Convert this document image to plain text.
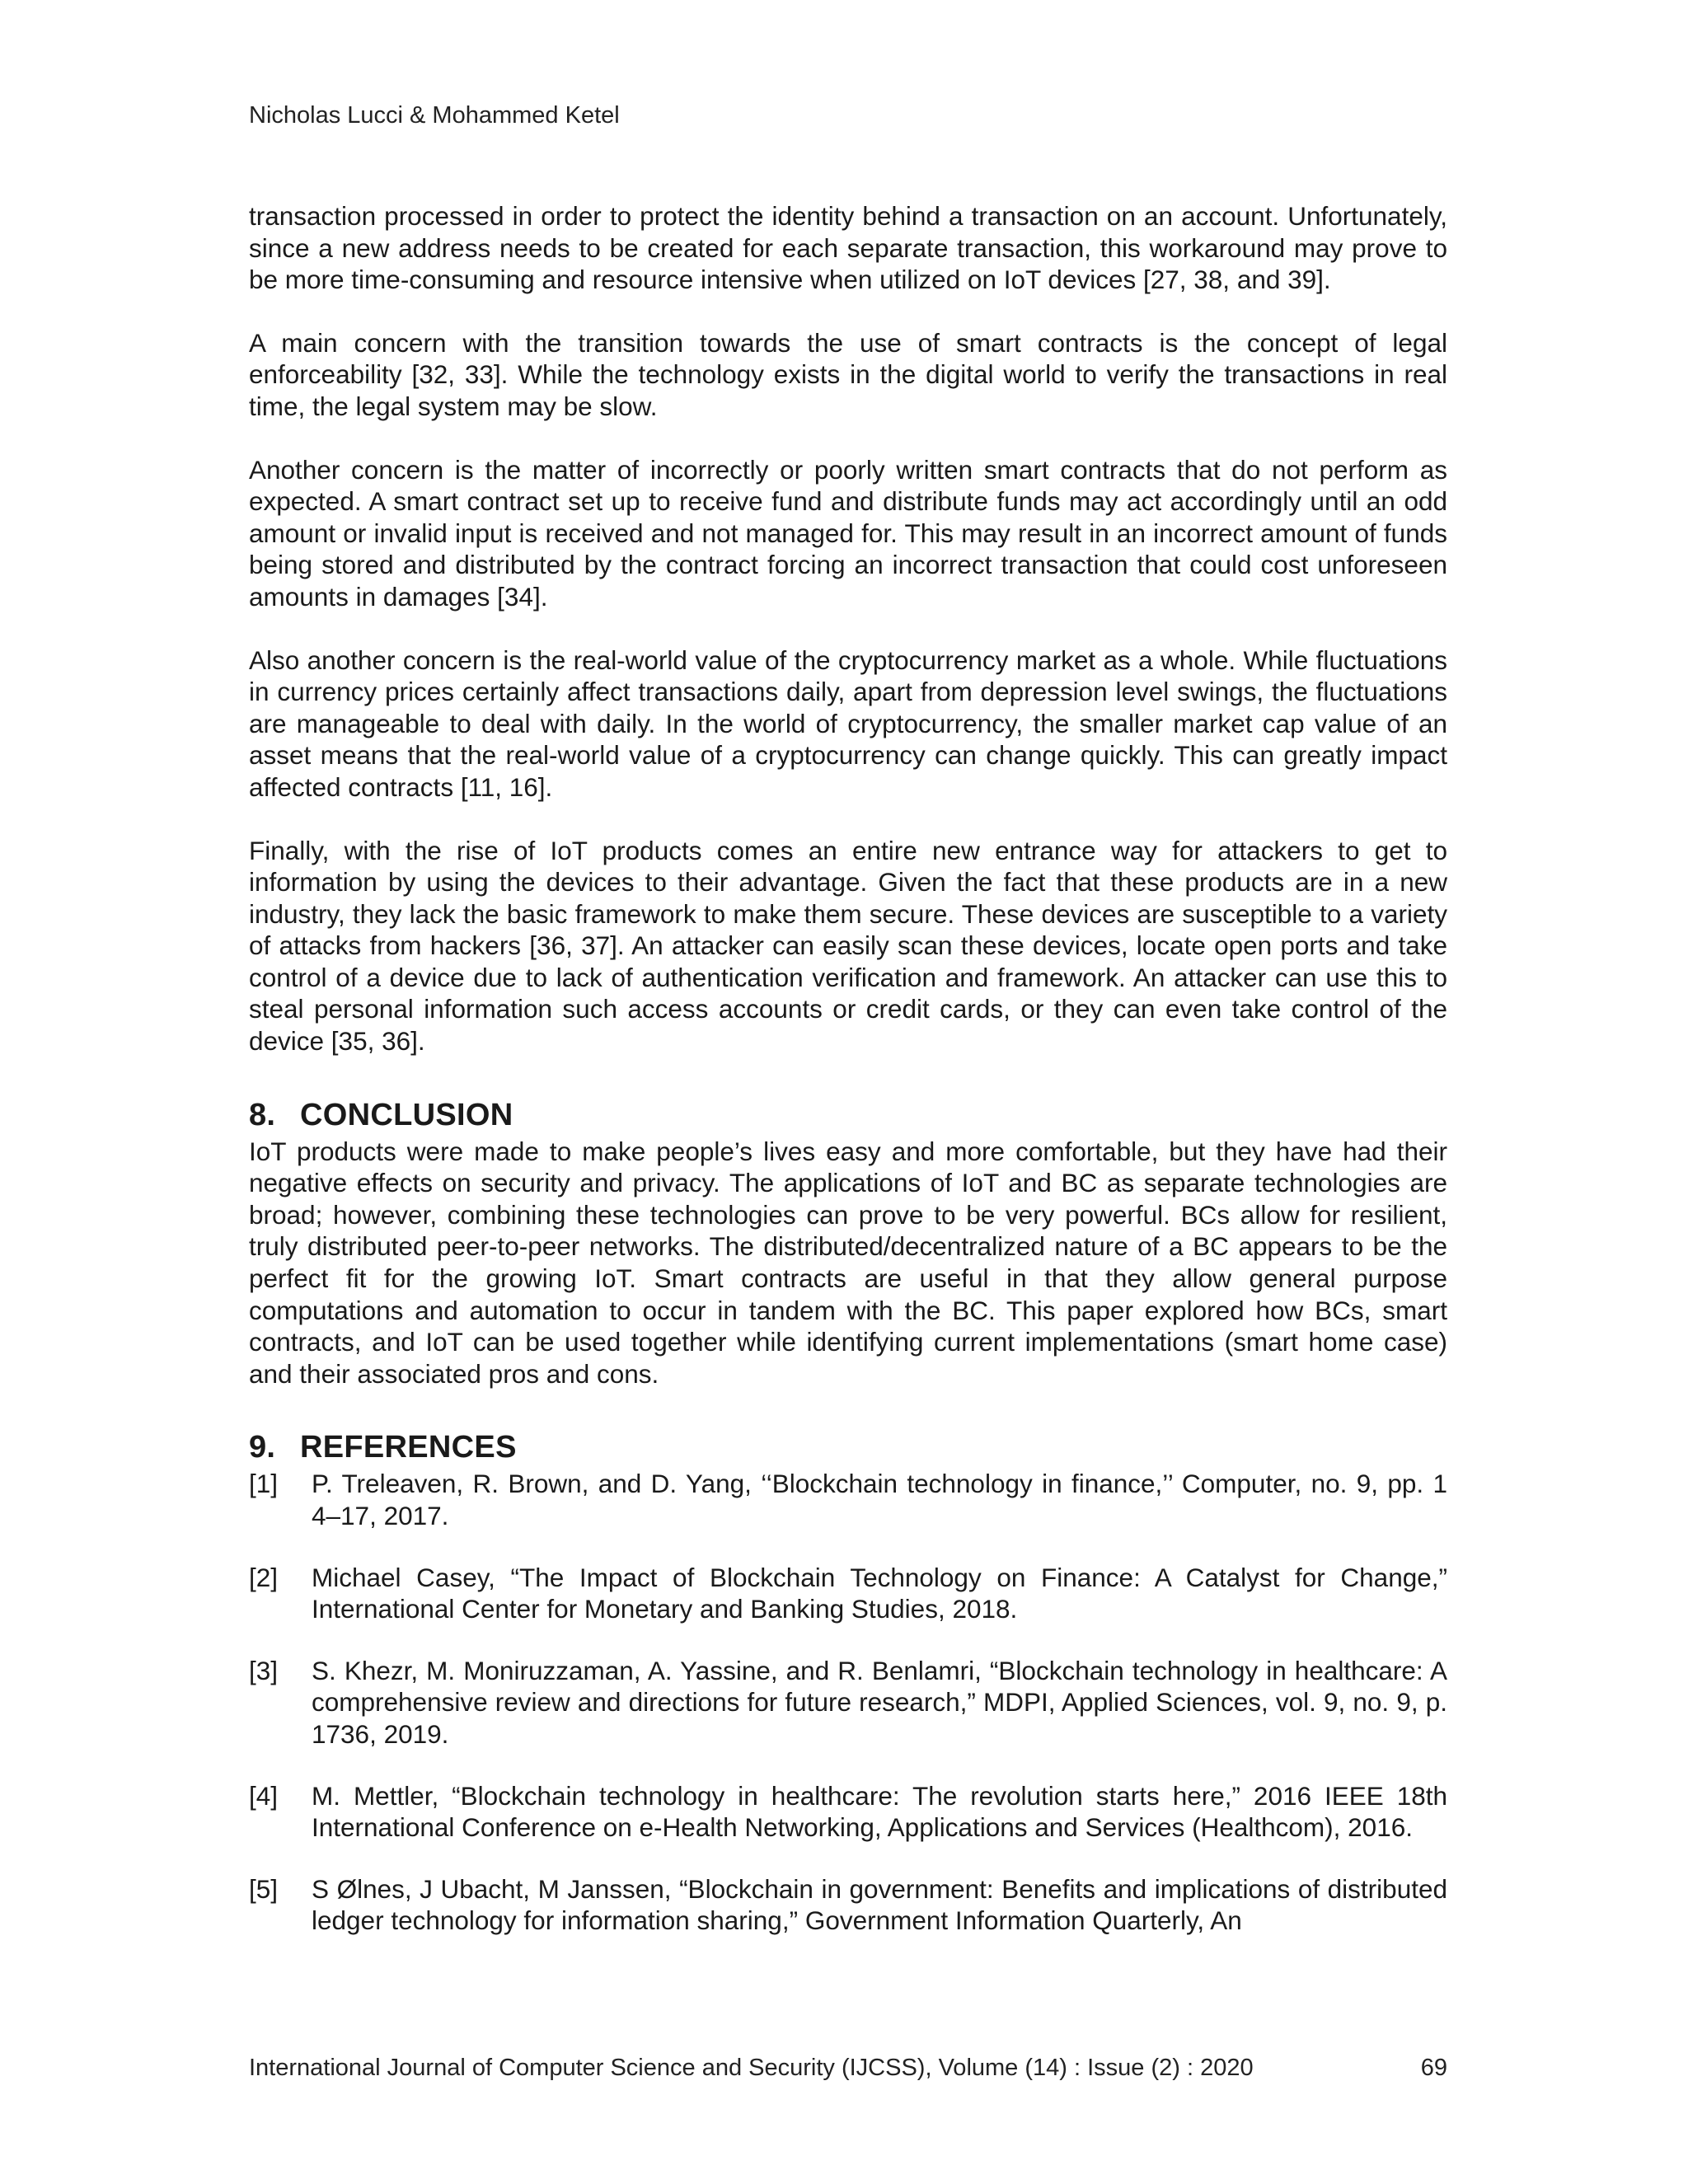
Nicholas Lucci & Mohammed Ketel

transaction processed in order to protect the identity behind a transaction on an account. Unfortunately, since a new address needs to be created for each separate transaction, this workaround may prove to be more time-consuming and resource intensive when utilized on IoT devices [27, 38, and 39].

A main concern with the transition towards the use of smart contracts is the concept of legal enforceability [32, 33]. While the technology exists in the digital world to verify the transactions in real time, the legal system may be slow.

Another concern is the matter of incorrectly or poorly written smart contracts that do not perform as expected. A smart contract set up to receive fund and distribute funds may act accordingly until an odd amount or invalid input is received and not managed for. This may result in an incorrect amount of funds being stored and distributed by the contract forcing an incorrect transaction that could cost unforeseen amounts in damages [34].

Also another concern is the real-world value of the cryptocurrency market as a whole. While fluctuations in currency prices certainly affect transactions daily, apart from depression level swings, the fluctuations are manageable to deal with daily. In the world of cryptocurrency, the smaller market cap value of an asset means that the real-world value of a cryptocurrency can change quickly. This can greatly impact affected contracts [11, 16].

Finally, with the rise of IoT products comes an entire new entrance way for attackers to get to information by using the devices to their advantage. Given the fact that these products are in a new industry, they lack the basic framework to make them secure. These devices are susceptible to a variety of attacks from hackers [36, 37]. An attacker can easily scan these devices, locate open ports and take control of a device due to lack of authentication verification and framework. An attacker can use this to steal personal information such access accounts or credit cards, or they can even take control of the device [35, 36].

8. CONCLUSION

IoT products were made to make people’s lives easy and more comfortable, but they have had their negative effects on security and privacy. The applications of IoT and BC as separate technologies are broad; however, combining these technologies can prove to be very powerful. BCs allow for resilient, truly distributed peer-to-peer networks. The distributed/decentralized nature of a BC appears to be the perfect fit for the growing IoT. Smart contracts are useful in that they allow general purpose computations and automation to occur in tandem with the BC. This paper explored how BCs, smart contracts, and IoT can be used together while identifying current implementations (smart home case) and their associated pros and cons.

9. REFERENCES
[1]	P. Treleaven, R. Brown, and D. Yang, ‘‘Blockchain technology in finance,’’ Computer, no. 9, pp. 1 4–17, 2017.
[2]	Michael Casey, “The Impact of Blockchain Technology on Finance: A Catalyst for Change,” International Center for Monetary and Banking Studies, 2018.
[3]	S. Khezr, M. Moniruzzaman, A. Yassine, and R. Benlamri, “Blockchain technology in healthcare: A comprehensive review and directions for future research,” MDPI, Applied Sciences, vol. 9, no. 9, p. 1736, 2019.
[4]	M. Mettler, “Blockchain technology in healthcare: The revolution starts here,” 2016 IEEE 18th International Conference on e-Health Networking, Applications and Services (Healthcom), 2016.
[5]	S Ølnes, J Ubacht, M Janssen, “Blockchain in government: Benefits and implications of distributed ledger technology for information sharing,” Government Information Quarterly, An
International Journal of Computer Science and Security (IJCSS), Volume (14) : Issue (2) : 2020	69
